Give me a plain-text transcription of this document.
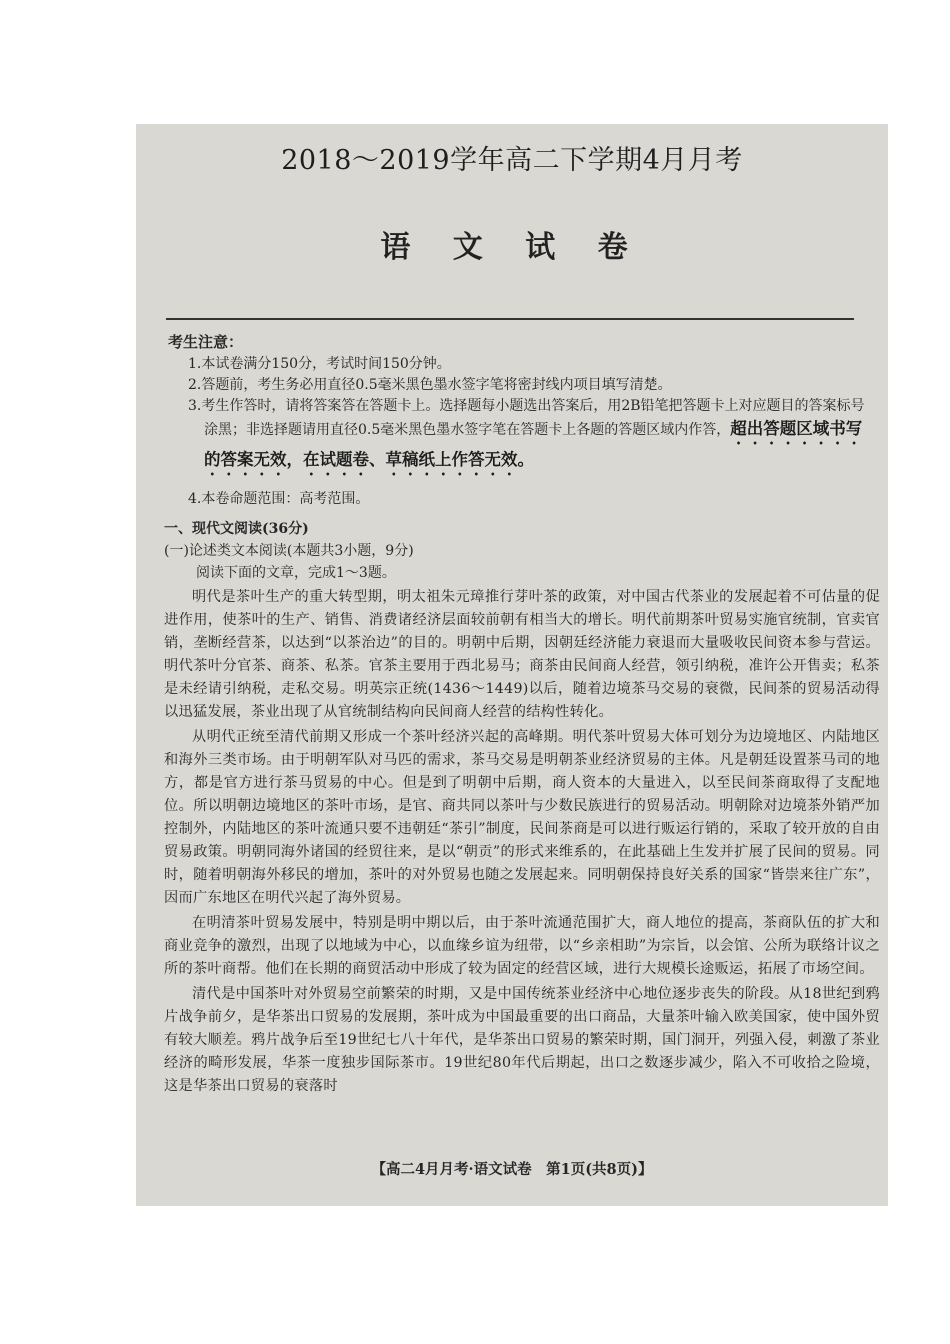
2018～2019学年高二下学期4月月考
语 文 试 卷
考生注意：
1.本试卷满分150分，考试时间150分钟。
2.答题前，考生务必用直径0.5毫米黑色墨水签字笔将密封线内项目填写清楚。
3.考生作答时，请将答案答在答题卡上。选择题每小题选出答案后，用2B铅笔把答题卡上对应题目的答案标号涂黑；非选择题请用直径0.5毫米黑色墨水签字笔在答题卡上各题的答题区域内作答，超出答题区域书写的答案无效，在试题卷、草稿纸上作答无效。
4.本卷命题范围：高考范围。

一、现代文阅读(36分)

(一)论述类文本阅读(本题共3小题，9分)

阅读下面的文章，完成1～3题。

明代是茶叶生产的重大转型期，明太祖朱元璋推行芽叶茶的政策，对中国古代茶业的发展起着不可估量的促进作用，使茶叶的生产、销售、消费诸经济层面较前朝有相当大的增长。明代前期茶叶贸易实施官统制，官卖官销，垄断经营茶，以达到“以茶治边”的目的。明朝中后期，因朝廷经济能力衰退而大量吸收民间资本参与营运。明代茶叶分官茶、商茶、私茶。官茶主要用于西北易马；商茶由民间商人经营，领引纳税，准许公开售卖；私茶是未经请引纳税，走私交易。明英宗正统(1436～1449)以后，随着边境茶马交易的衰微，民间茶的贸易活动得以迅猛发展，茶业出现了从官统制结构向民间商人经营的结构性转化。

从明代正统至清代前期又形成一个茶叶经济兴起的高峰期。明代茶叶贸易大体可划分为边境地区、内陆地区和海外三类市场。由于明朝军队对马匹的需求，茶马交易是明朝茶业经济贸易的主体。凡是朝廷设置茶马司的地方，都是官方进行茶马贸易的中心。但是到了明朝中后期，商人资本的大量进入，以至民间茶商取得了支配地位。所以明朝边境地区的茶叶市场，是官、商共同以茶叶与少数民族进行的贸易活动。明朝除对边境茶外销严加控制外，内陆地区的茶叶流通只要不违朝廷“茶引”制度，民间茶商是可以进行贩运行销的，采取了较开放的自由贸易政策。明朝同海外诸国的经贸往来，是以“朝贡”的形式来维系的，在此基础上生发并扩展了民间的贸易。同时，随着明朝海外移民的增加，茶叶的对外贸易也随之发展起来。同明朝保持良好关系的国家“皆崇来往广东”，因而广东地区在明代兴起了海外贸易。

在明清茶叶贸易发展中，特别是明中期以后，由于茶叶流通范围扩大，商人地位的提高，茶商队伍的扩大和商业竞争的激烈，出现了以地域为中心，以血缘乡谊为纽带，以“乡亲相助”为宗旨，以会馆、公所为联络计议之所的茶叶商帮。他们在长期的商贸活动中形成了较为固定的经营区域，进行大规模长途贩运，拓展了市场空间。

清代是中国茶叶对外贸易空前繁荣的时期，又是中国传统茶业经济中心地位逐步丧失的阶段。从18世纪到鸦片战争前夕，是华茶出口贸易的发展期，茶叶成为中国最重要的出口商品，大量茶叶输入欧美国家，使中国外贸有较大顺差。鸦片战争后至19世纪七八十年代，是华茶出口贸易的繁荣时期，国门洞开，列强入侵，刺激了茶业经济的畸形发展，华茶一度独步国际茶市。19世纪80年代后期起，出口之数逐步减少，陷入不可收拾之险境，这是华茶出口贸易的衰落时

【高二4月月考·语文试卷　第1页(共8页)】
